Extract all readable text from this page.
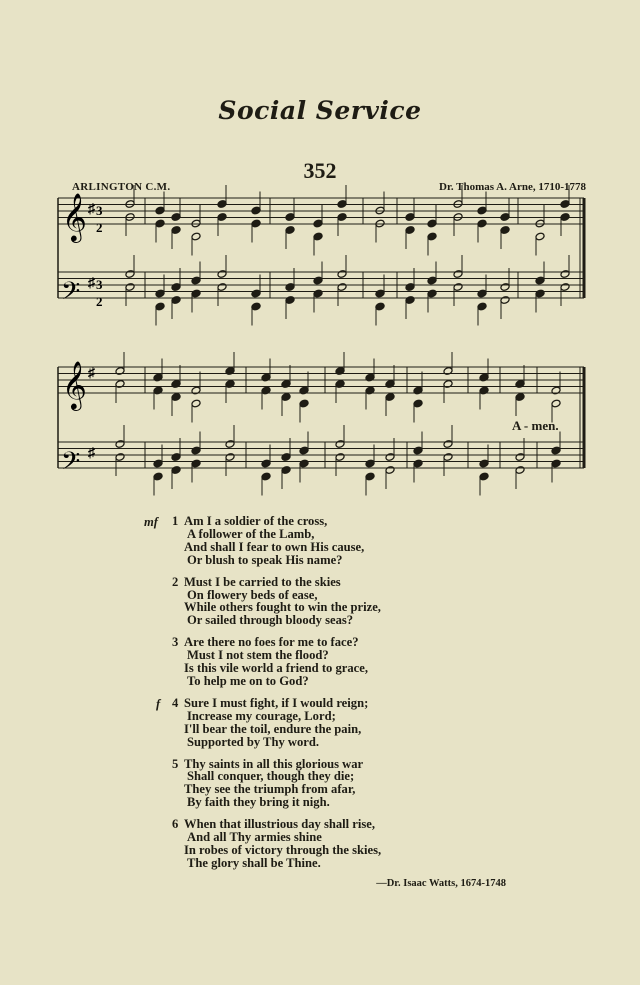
Social Service
352
ARLINGTON C.M.	Dr. Thomas A. Arne, 1710-1778
𝄞
𝄞
𝄢
𝄢
♯
♯
♯
♯
3
2
3
2
A - men.
mf 1 Am I a soldier of the cross,
A follower of the Lamb,
And shall I fear to own His cause,
Or blush to speak His name?
2 Must I be carried to the skies
On flowery beds of ease,
While others fought to win the prize,
Or sailed through bloody seas?
3 Are there no foes for me to face?
Must I not stem the flood?
Is this vile world a friend to grace,
To help me on to God?
f 4 Sure I must fight, if I would reign;
Increase my courage, Lord;
I'll bear the toil, endure the pain,
Supported by Thy word.
5 Thy saints in all this glorious war
Shall conquer, though they die;
They see the triumph from afar,
By faith they bring it nigh.
6 When that illustrious day shall rise,
And all Thy armies shine
In robes of victory through the skies,
The glory shall be Thine.
—Dr. Isaac Watts, 1674-1748
